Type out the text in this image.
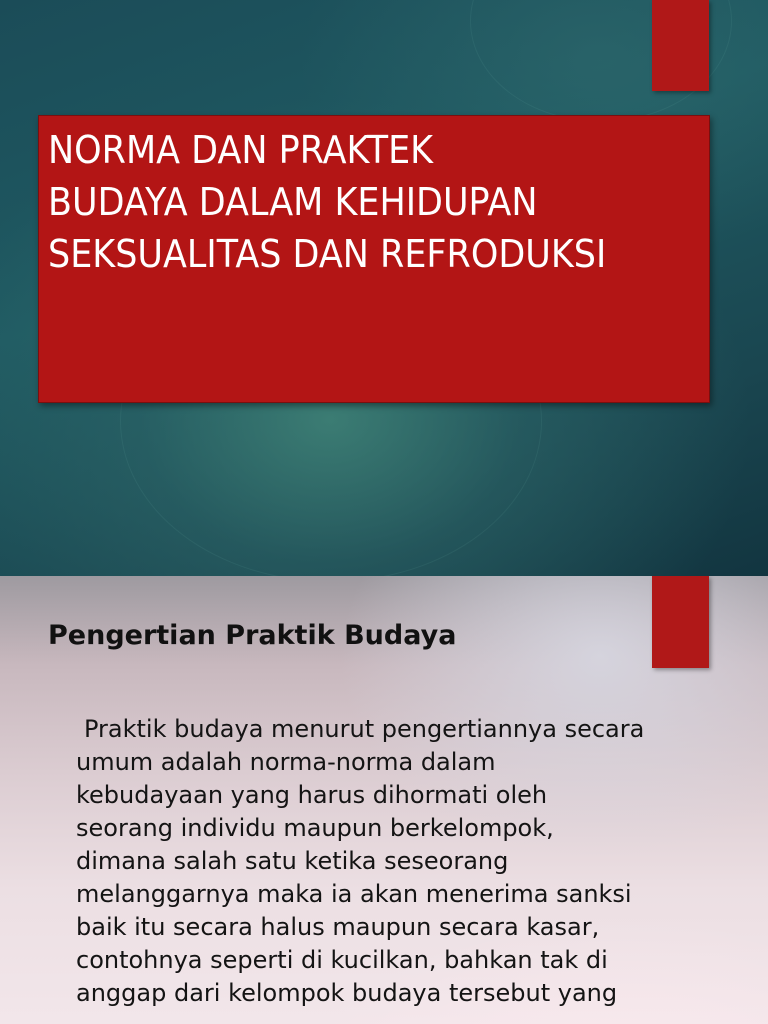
NORMA DAN PRAKTEK
BUDAYA DALAM KEHIDUPAN
SEKSUALITAS DAN REFRODUKSI
Pengertian Praktik Budaya

Praktik budaya menurut pengertiannya secara
umum adalah norma-norma dalam
kebudayaan yang harus dihormati oleh
seorang individu maupun berkelompok,
dimana salah satu ketika seseorang
melanggarnya maka ia akan menerima sanksi
baik itu secara halus maupun secara kasar,
contohnya seperti di kucilkan, bahkan tak di
anggap dari kelompok budaya tersebut yang
